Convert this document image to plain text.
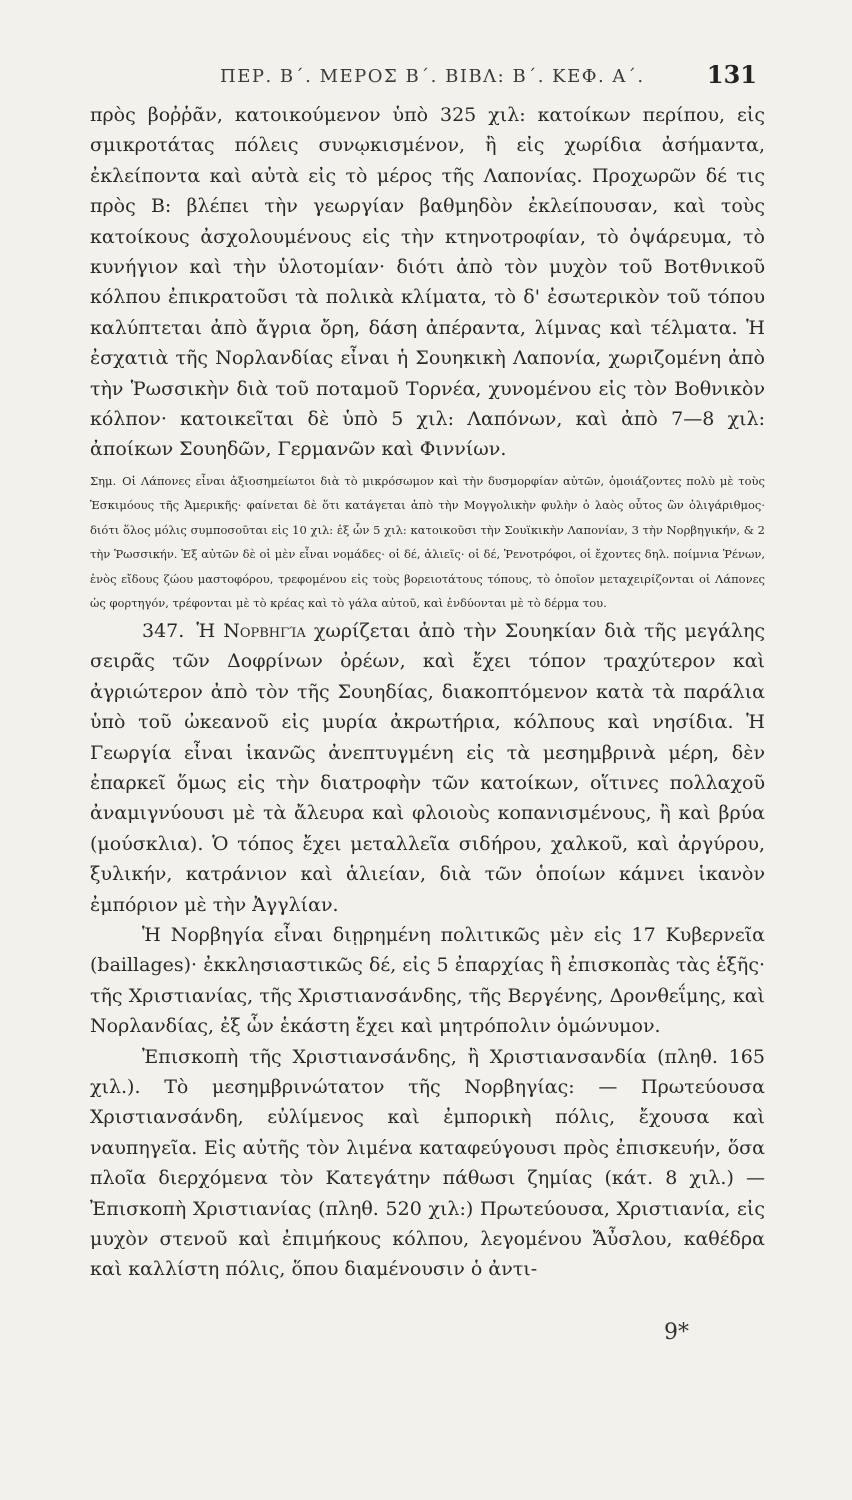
ΠΕΡ. Β΄. ΜΕΡΟΣ Β΄. ΒΙΒΛ: Β΄. ΚΕΦ. Α΄.	131

πρὸς βοῤῥᾶν, κατοικούμενον ὑπὸ 325 χιλ: κατοίκων περίπου, εἰς σμικροτάτας πόλεις συνῳκισμένον, ἢ εἰς χωρίδια ἀσήμαντα, ἐκλείποντα καὶ αὐτὰ εἰς τὸ μέρος τῆς Λαπονίας. Προχωρῶν δέ τις πρὸς Β: βλέπει τὴν γεωργίαν βαθμηδὸν ἐκλείπουσαν, καὶ τοὺς κατοίκους ἀσχολουμένους εἰς τὴν κτηνοτροφίαν, τὸ ὀψάρευμα, τὸ κυνήγιον καὶ τὴν ὑλοτομίαν· διότι ἀπὸ τὸν μυχὸν τοῦ Βοτθνικοῦ κόλπου ἐπικρατοῦσι τὰ πολικὰ κλίματα, τὸ δ' ἐσωτερικὸν τοῦ τόπου καλύπτεται ἀπὸ ἄγρια ὄρη, δάση ἀπέραντα, λίμνας καὶ τέλματα. Ἡ ἐσχατιὰ τῆς Νορλανδίας εἶναι ἡ Σουηκικὴ Λαπονία, χωριζομένη ἀπὸ τὴν Ῥωσσικὴν διὰ τοῦ ποταμοῦ Τορνέα, χυνομένου εἰς τὸν Βοθνικὸν κόλπον· κατοικεῖται δὲ ὑπὸ 5 χιλ: Λαπόνων, καὶ ἀπὸ 7—8 χιλ: ἀποίκων Σουηδῶν, Γερμανῶν καὶ Φιννίων.

Σημ. Οἱ Λάπονες εἶναι ἀξιοσημείωτοι διὰ τὸ μικρόσωμον καὶ τὴν δυσμορφίαν αὐτῶν, ὁμοιάζοντες πολὺ μὲ τοὺς Ἐσκιμόους τῆς Ἀμερικῆς· φαίνεται δὲ ὅτι κατάγεται ἀπὸ τὴν Μογγολικὴν φυλὴν ὁ λαὸς οὗτος ὢν ὀλιγάριθμος· διότι ὅλος μόλις συμποσοῦται εἰς 10 χιλ: ἐξ ὧν 5 χιλ: κατοικοῦσι τὴν Σουϊκικὴν Λαπονίαν, 3 τὴν Νορβηγικήν, & 2 τὴν Ῥωσσικήν. Ἐξ αὐτῶν δὲ οἱ μὲν εἶναι νομάδες· οἱ δέ, ἁλιεῖς· οἱ δέ, Ῥενοτρόφοι, οἱ ἔχοντες δηλ. ποίμνια Ῥένων, ἑνὸς εἴδους ζώου μαστοφόρου, τρεφομένου εἰς τοὺς βορειοτάτους τόπους, τὸ ὁποῖον μεταχειρίζονται οἱ Λάπονες ὡς φορτηγόν, τρέφονται μὲ τὸ κρέας καὶ τὸ γάλα αὐτοῦ, καὶ ἐνδύονται μὲ τὸ δέρμα του.

347. Ἡ Νορβηγία χωρίζεται ἀπὸ τὴν Σουηκίαν διὰ τῆς μεγάλης σειρᾶς τῶν Δοφρίνων ὀρέων, καὶ ἔχει τόπον τραχύτερον καὶ ἀγριώτερον ἀπὸ τὸν τῆς Σουηδίας, διακοπτόμενον κατὰ τὰ παράλια ὑπὸ τοῦ ὠκεανοῦ εἰς μυρία ἀκρωτήρια, κόλπους καὶ νησίδια. Ἡ Γεωργία εἶναι ἱκανῶς ἀνεπτυγμένη εἰς τὰ μεσημβρινὰ μέρη, δὲν ἐπαρκεῖ ὅμως εἰς τὴν διατροφὴν τῶν κατοίκων, οἵτινες πολλαχοῦ ἀναμιγνύουσι μὲ τὰ ἄλευρα καὶ φλοιοὺς κοπανισμένους, ἢ καὶ βρύα (μούσκλια). Ὁ τόπος ἔχει μεταλλεῖα σιδήρου, χαλκοῦ, καὶ ἀργύρου, ξυλικήν, κατράνιον καὶ ἁλιείαν, διὰ τῶν ὁποίων κάμνει ἱκανὸν ἐμπόριον μὲ τὴν Ἀγγλίαν.

Ἡ Νορβηγία εἶναι διῃρημένη πολιτικῶς μὲν εἰς 17 Κυβερνεῖα (baillages)· ἐκκλησιαστικῶς δέ, εἰς 5 ἐπαρχίας ἢ ἐπισκοπὰς τὰς ἑξῆς· τῆς Χριστιανίας, τῆς Χριστιανσάνδης, τῆς Βεργένης, Δρονθεΐμης, καὶ Νορλανδίας, ἐξ ὧν ἑκάστη ἔχει καὶ μητρόπολιν ὁμώνυμον.

Ἐπισκοπὴ τῆς Χριστιανσάνδης, ἢ Χριστιανσανδία (πληθ. 165 χιλ.). Τὸ μεσημβρινώτατον τῆς Νορβηγίας: — Πρωτεύουσα Χριστιανσάνδη, εὐλίμενος καὶ ἐμπορικὴ πόλις, ἔχουσα καὶ ναυπηγεῖα. Εἰς αὐτῆς τὸν λιμένα καταφεύγουσι πρὸς ἐπισκευήν, ὅσα πλοῖα διερχόμενα τὸν Κατεγάτην πάθωσι ζημίας (κάτ. 8 χιλ.) — Ἐπισκοπὴ Χριστιανίας (πληθ. 520 χιλ:) Πρωτεύουσα, Χριστιανία, εἰς μυχὸν στενοῦ καὶ ἐπιμήκους κόλπου, λεγομένου Ἄὖσλου, καθέδρα καὶ καλλίστη πόλις, ὅπου διαμένουσιν ὁ ἀντι-

9*
